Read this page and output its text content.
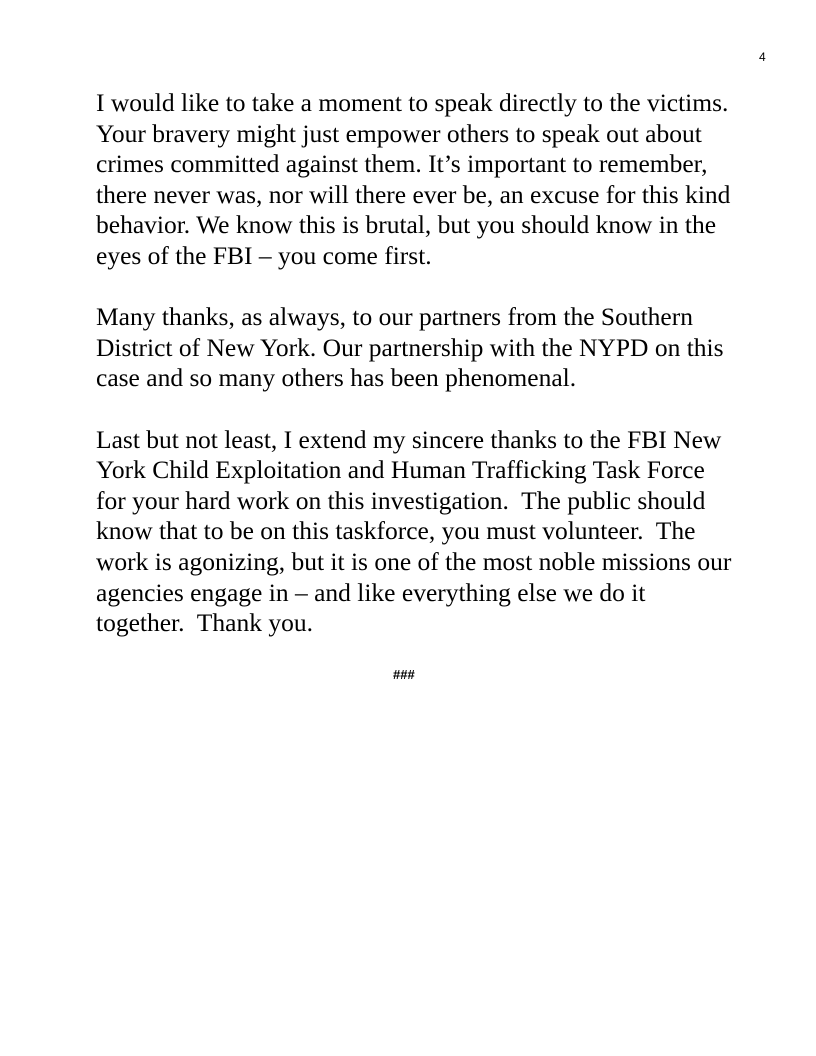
4
I would like to take a moment to speak directly to the victims.
Your bravery might just empower others to speak out about
crimes committed against them. It’s important to remember,
there never was, nor will there ever be, an excuse for this kind
behavior. We know this is brutal, but you should know in the
eyes of the FBI – you come first.
Many thanks, as always, to our partners from the Southern
District of New York. Our partnership with the NYPD on this
case and so many others has been phenomenal.
Last but not least, I extend my sincere thanks to the FBI New
York Child Exploitation and Human Trafficking Task Force
for your hard work on this investigation.  The public should
know that to be on this taskforce, you must volunteer.  The
work is agonizing, but it is one of the most noble missions our
agencies engage in – and like everything else we do it
together.  Thank you.
###
